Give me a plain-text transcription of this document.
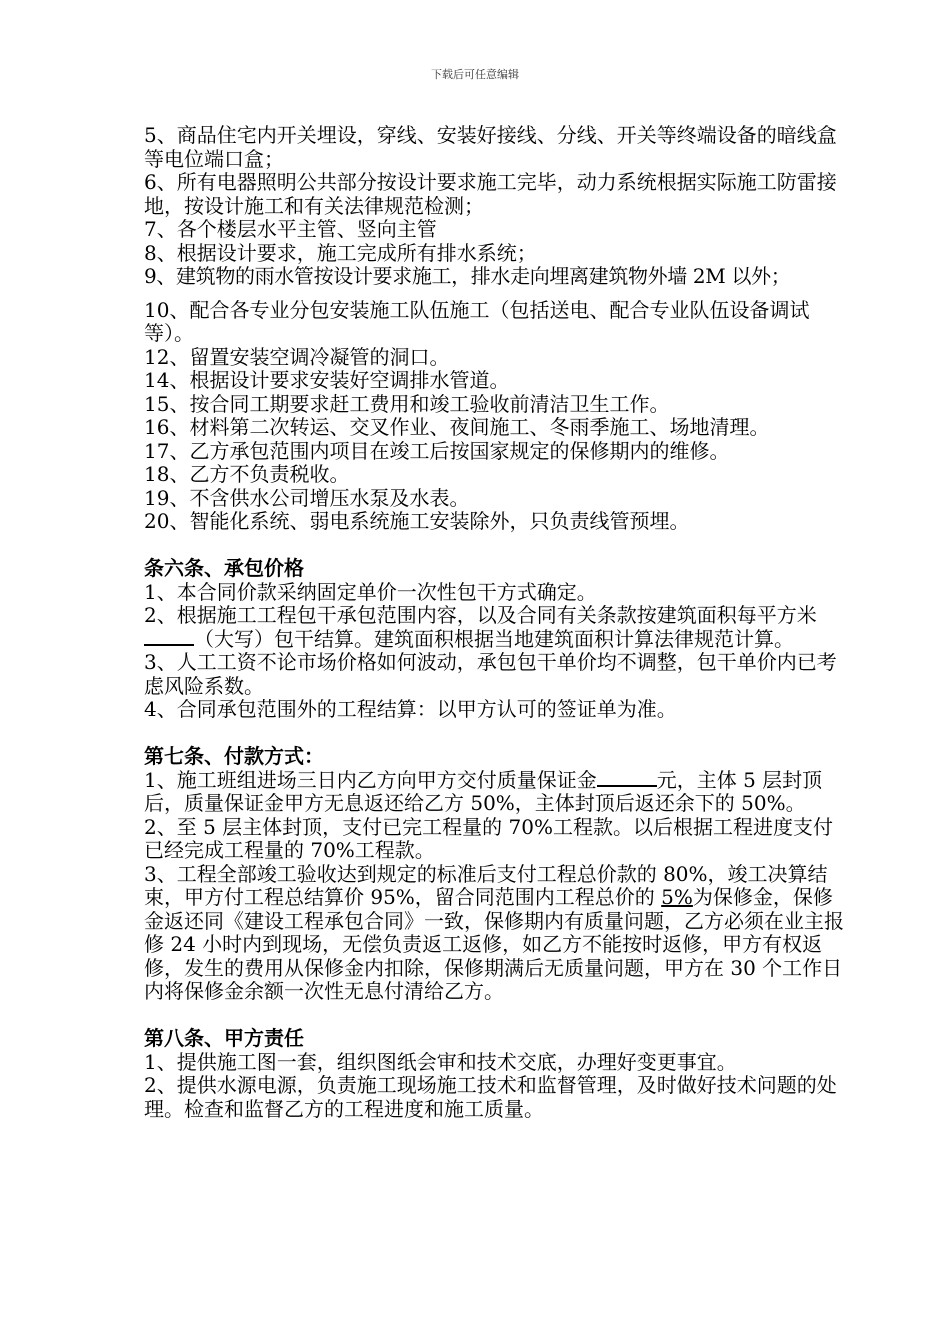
下载后可任意编辑

5、商品住宅内开关埋设，穿线、安装好接线、分线、开关等终端设备的暗线盒等电位端口盒；

6、所有电器照明公共部分按设计要求施工完毕，动力系统根据实际施工防雷接地，按设计施工和有关法律规范检测；

7、各个楼层水平主管、竖向主管

8、根据设计要求，施工完成所有排水系统；

9、建筑物的雨水管按设计要求施工，排水走向埋离建筑物外墙 2M 以外；

10、配合各专业分包安装施工队伍施工（包括送电、配合专业队伍设备调试等）。

12、留置安装空调冷凝管的洞口。

14、根据设计要求安装好空调排水管道。

15、按合同工期要求赶工费用和竣工验收前清洁卫生工作。

16、材料第二次转运、交叉作业、夜间施工、冬雨季施工、场地清理。

17、乙方承包范围内项目在竣工后按国家规定的保修期内的维修。

18、乙方不负责税收。

19、不含供水公司增压水泵及水表。

20、智能化系统、弱电系统施工安装除外，只负责线管预埋。

条六条、承包价格

1、本合同价款采纳固定单价一次性包干方式确定。

2、根据施工工程包干承包范围内容，以及合同有关条款按建筑面积每平方米（大写）包干结算。建筑面积根据当地建筑面积计算法律规范计算。

3、人工工资不论市场价格如何波动，承包包干单价均不调整，包干单价内已考虑风险系数。

4、合同承包范围外的工程结算：以甲方认可的签证单为准。

第七条、付款方式：

1、施工班组进场三日内乙方向甲方交付质量保证金	元，主体 5 层封顶后，质量保证金甲方无息返还给乙方 50%，主体封顶后返还余下的 50%。

2、至 5 层主体封顶，支付已完工程量的 70%工程款。以后根据工程进度支付已经完成工程量的 70%工程款。

3、工程全部竣工验收达到规定的标准后支付工程总价款的 80%，竣工决算结束，甲方付工程总结算价 95%，留合同范围内工程总价的 5%为保修金，保修金返还同《建设工程承包合同》一致，保修期内有质量问题，乙方必须在业主报修 24 小时内到现场，无偿负责返工返修，如乙方不能按时返修，甲方有权返修，发生的费用从保修金内扣除，保修期满后无质量问题，甲方在 30 个工作日内将保修金余额一次性无息付清给乙方。

第八条、甲方责任

1、提供施工图一套，组织图纸会审和技术交底，办理好变更事宜。

2、提供水源电源，负责施工现场施工技术和监督管理，及时做好技术问题的处理。检查和监督乙方的工程进度和施工质量。
